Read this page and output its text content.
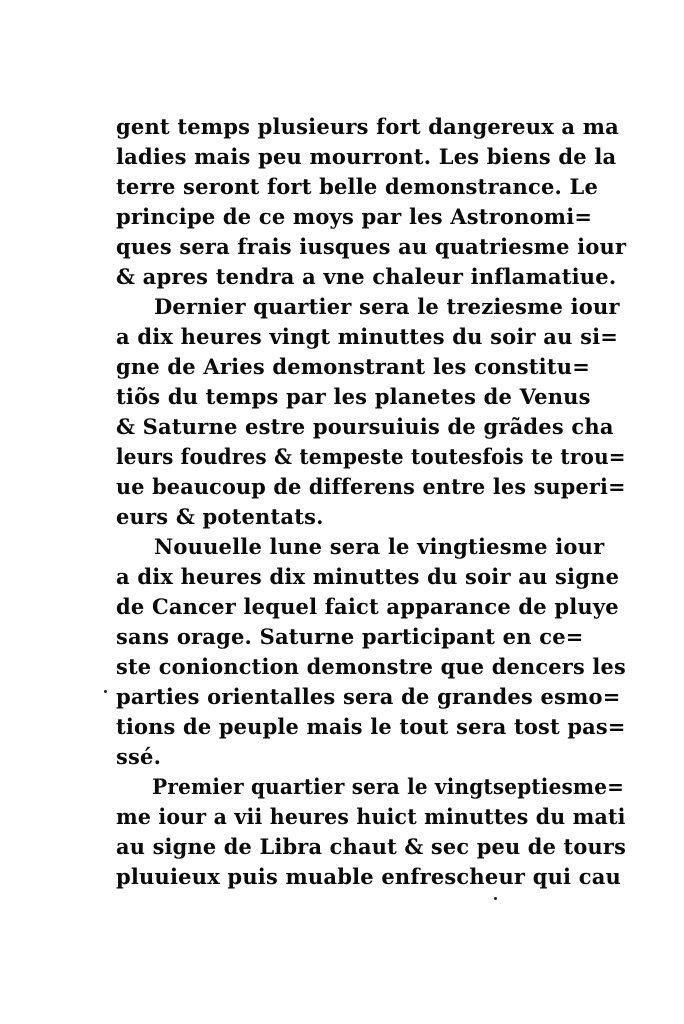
gent temps plusieurs fort dangereux a ma
ladies mais peu mourront. Les biens de la
terre seront fort belle demonstrance. Le
principe de ce moys par les Astronomi=
ques sera frais iusques au quatriesme iour
& apres tendra a vne chaleur inflamatiue.
Dernier quartier sera le treziesme iour
a dix heures vingt minuttes du soir au si=
gne de Aries demonstrant les constitu=
tiõs du temps par les planetes de Venus
& Saturne estre poursuiuis de grãdes cha
leurs foudres & tempeste toutesfois te trou=
ue beaucoup de differens entre les superi=
eurs & potentats.
Nouuelle lune sera le vingtiesme iour
a dix heures dix minuttes du soir au signe
de Cancer lequel faict apparance de pluye
sans orage. Saturne participant en ce=
ste conionction demonstre que dencers les
parties orientalles sera de grandes esmo=
tions de peuple mais le tout sera tost pas=
ssé.
Premier quartier sera le vingtseptiesme=
me iour a vii heures huict minuttes du mati
au signe de Libra chaut & sec peu de tours
pluuieux puis muable enfrescheur qui cau
